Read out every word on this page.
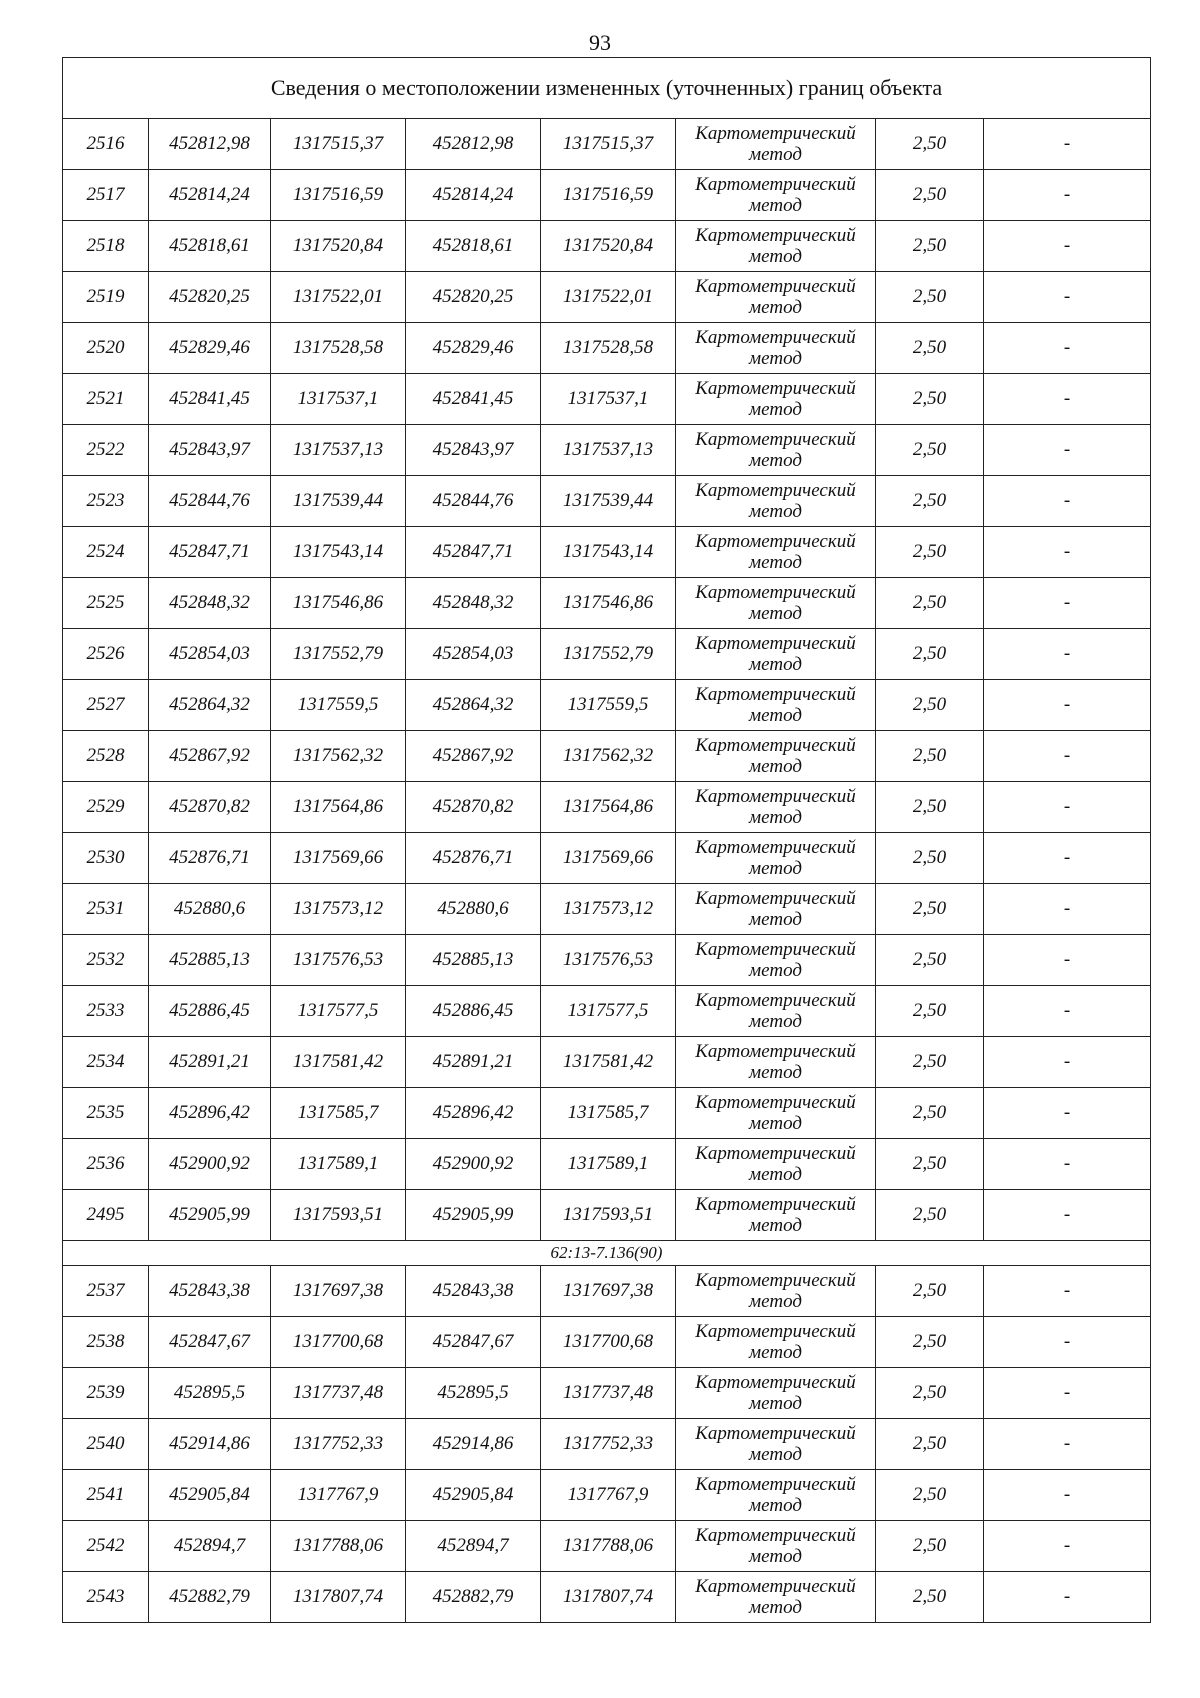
93
Сведения о местоположении измененных (уточненных) границ объекта							
2516	452812,98	1317515,37	452812,98	1317515,37	Картометрический
метод	2,50	-
2517	452814,24	1317516,59	452814,24	1317516,59	Картометрический
метод	2,50	-
2518	452818,61	1317520,84	452818,61	1317520,84	Картометрический
метод	2,50	-
2519	452820,25	1317522,01	452820,25	1317522,01	Картометрический
метод	2,50	-
2520	452829,46	1317528,58	452829,46	1317528,58	Картометрический
метод	2,50	-
2521	452841,45	1317537,1	452841,45	1317537,1	Картометрический
метод	2,50	-
2522	452843,97	1317537,13	452843,97	1317537,13	Картометрический
метод	2,50	-
2523	452844,76	1317539,44	452844,76	1317539,44	Картометрический
метод	2,50	-
2524	452847,71	1317543,14	452847,71	1317543,14	Картометрический
метод	2,50	-
2525	452848,32	1317546,86	452848,32	1317546,86	Картометрический
метод	2,50	-
2526	452854,03	1317552,79	452854,03	1317552,79	Картометрический
метод	2,50	-
2527	452864,32	1317559,5	452864,32	1317559,5	Картометрический
метод	2,50	-
2528	452867,92	1317562,32	452867,92	1317562,32	Картометрический
метод	2,50	-
2529	452870,82	1317564,86	452870,82	1317564,86	Картометрический
метод	2,50	-
2530	452876,71	1317569,66	452876,71	1317569,66	Картометрический
метод	2,50	-
2531	452880,6	1317573,12	452880,6	1317573,12	Картометрический
метод	2,50	-
2532	452885,13	1317576,53	452885,13	1317576,53	Картометрический
метод	2,50	-
2533	452886,45	1317577,5	452886,45	1317577,5	Картометрический
метод	2,50	-
2534	452891,21	1317581,42	452891,21	1317581,42	Картометрический
метод	2,50	-
2535	452896,42	1317585,7	452896,42	1317585,7	Картометрический
метод	2,50	-
2536	452900,92	1317589,1	452900,92	1317589,1	Картометрический
метод	2,50	-
2495	452905,99	1317593,51	452905,99	1317593,51	Картометрический
метод	2,50	-
62:13-7.136(90)							
2537	452843,38	1317697,38	452843,38	1317697,38	Картометрический
метод	2,50	-
2538	452847,67	1317700,68	452847,67	1317700,68	Картометрический
метод	2,50	-
2539	452895,5	1317737,48	452895,5	1317737,48	Картометрический
метод	2,50	-
2540	452914,86	1317752,33	452914,86	1317752,33	Картометрический
метод	2,50	-
2541	452905,84	1317767,9	452905,84	1317767,9	Картометрический
метод	2,50	-
2542	452894,7	1317788,06	452894,7	1317788,06	Картометрический
метод	2,50	-
2543	452882,79	1317807,74	452882,79	1317807,74	Картометрический
метод	2,50	-
